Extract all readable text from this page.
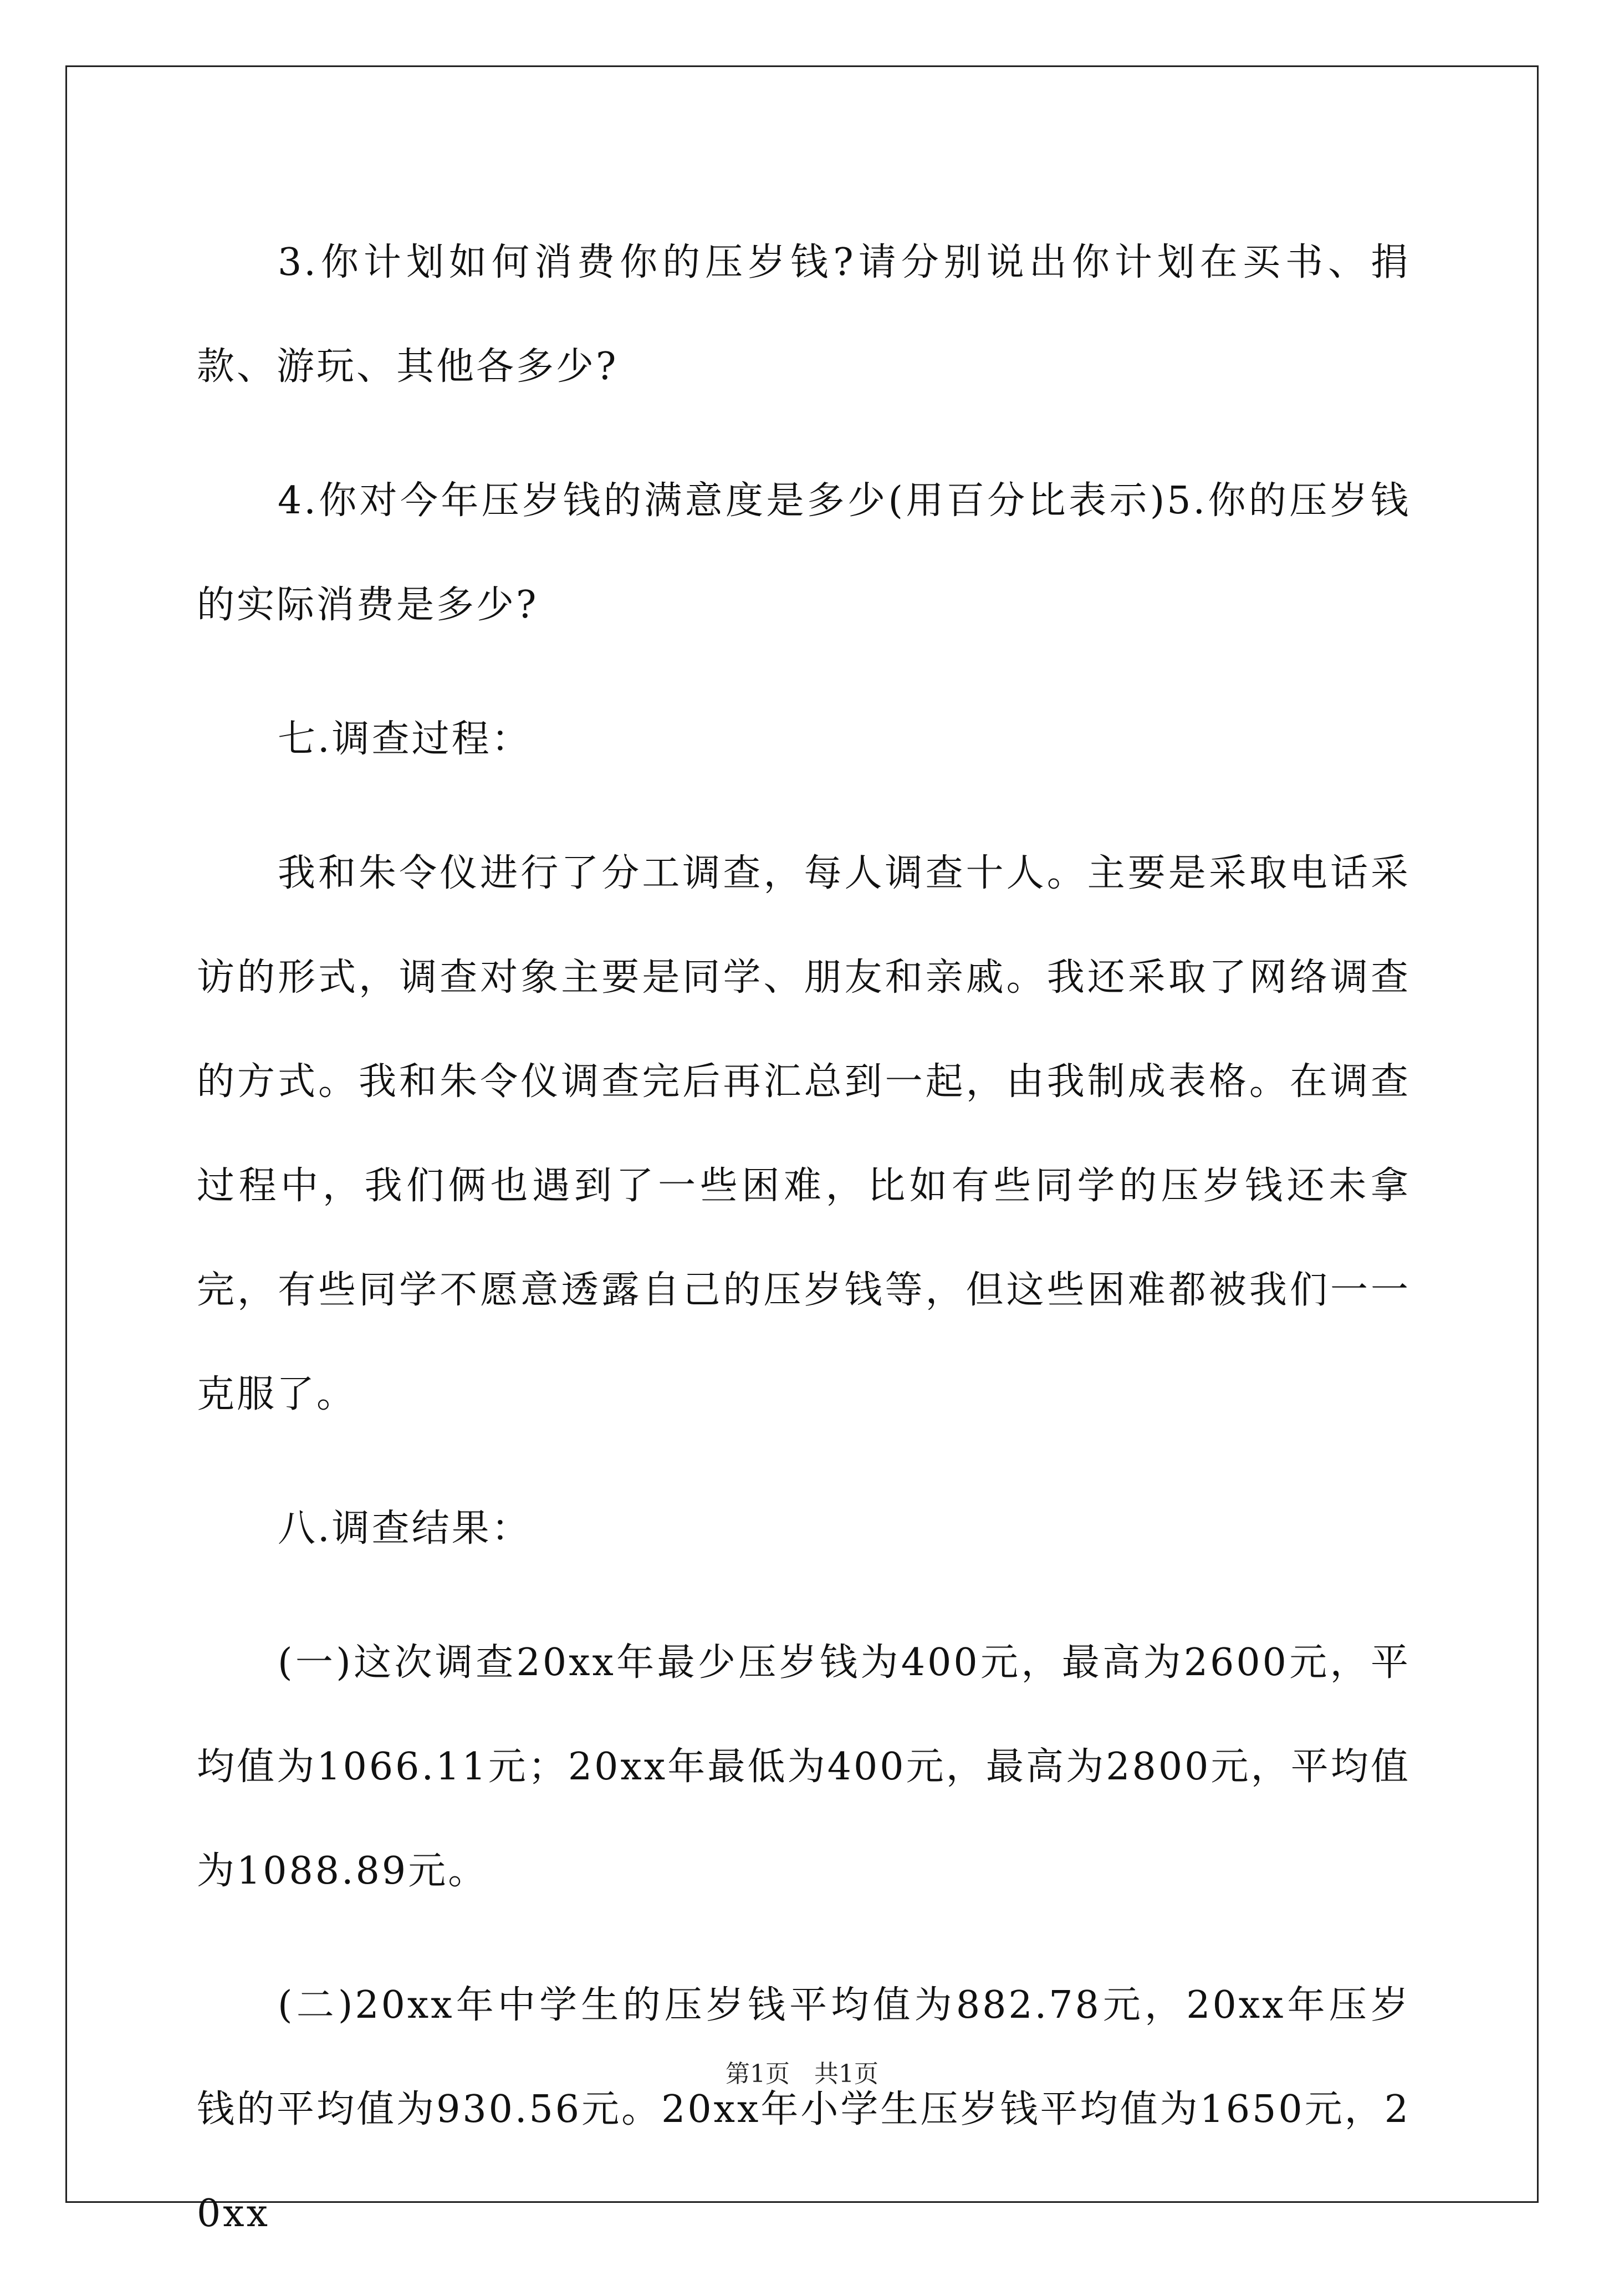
3.你计划如何消费你的压岁钱?请分别说出你计划在买书、捐款、游玩、其他各多少?

4.你对今年压岁钱的满意度是多少(用百分比表示)5.你的压岁钱的实际消费是多少?

七.调查过程：

我和朱令仪进行了分工调查，每人调查十人。主要是采取电话采访的形式，调查对象主要是同学、朋友和亲戚。我还采取了网络调查的方式。我和朱令仪调查完后再汇总到一起，由我制成表格。在调查过程中，我们俩也遇到了一些困难，比如有些同学的压岁钱还未拿完，有些同学不愿意透露自己的压岁钱等，但这些困难都被我们一一克服了。

八.调查结果：

(一)这次调查20xx年最少压岁钱为400元，最高为2600元，平均值为1066.11元；20xx年最低为400元，最高为2800元，平均值为1088.89元。

(二)20xx年中学生的压岁钱平均值为882.78元，20xx年压岁钱的平均值为930.56元。20xx年小学生压岁钱平均值为1650元，20xx

第1页　共1页
